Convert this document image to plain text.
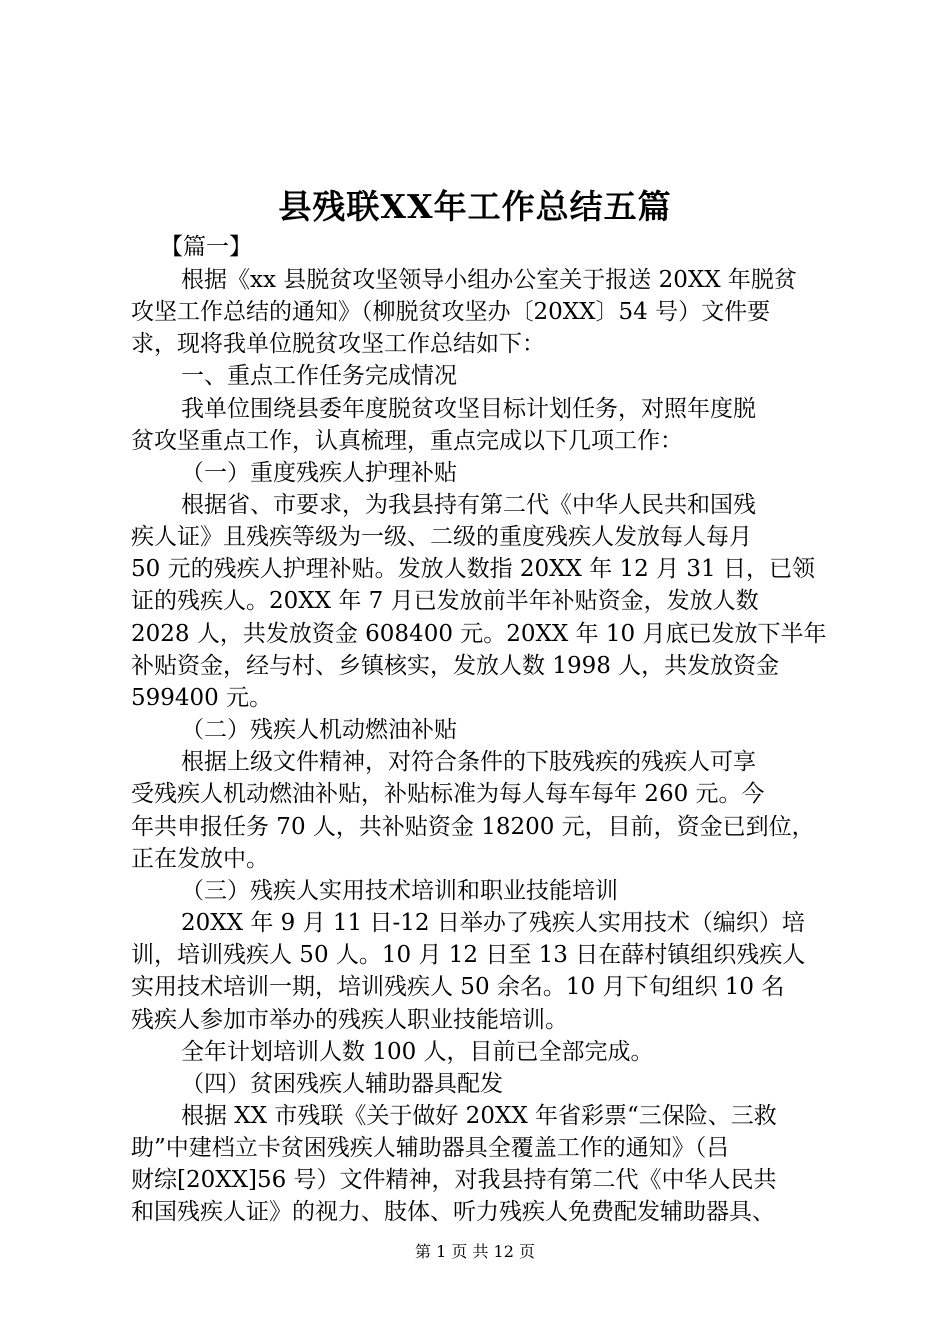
县残联XX年工作总结五篇
【篇一】
根据《xx 县脱贫攻坚领导小组办公室关于报送 20XX 年脱贫
攻坚工作总结的通知》（柳脱贫攻坚办〔20XX〕54 号）文件要
求，现将我单位脱贫攻坚工作总结如下：
一、重点工作任务完成情况
我单位围绕县委年度脱贫攻坚目标计划任务，对照年度脱
贫攻坚重点工作，认真梳理，重点完成以下几项工作：
（一）重度残疾人护理补贴
根据省、市要求，为我县持有第二代《中华人民共和国残
疾人证》且残疾等级为一级、二级的重度残疾人发放每人每月
50 元的残疾人护理补贴。发放人数指 20XX 年 12 月 31 日，已领
证的残疾人。20XX 年 7 月已发放前半年补贴资金，发放人数
2028 人，共发放资金 608400 元。20XX 年 10 月底已发放下半年
补贴资金，经与村、乡镇核实，发放人数 1998 人，共发放资金
599400 元。
（二）残疾人机动燃油补贴
根据上级文件精神，对符合条件的下肢残疾的残疾人可享
受残疾人机动燃油补贴，补贴标准为每人每车每年 260 元。今
年共申报任务 70 人，共补贴资金 18200 元，目前，资金已到位，
正在发放中。
（三）残疾人实用技术培训和职业技能培训
20XX 年 9 月 11 日-12 日举办了残疾人实用技术（编织）培
训，培训残疾人 50 人。10 月 12 日至 13 日在薛村镇组织残疾人
实用技术培训一期，培训残疾人 50 余名。10 月下旬组织 10 名
残疾人参加市举办的残疾人职业技能培训。
全年计划培训人数 100 人，目前已全部完成。
（四）贫困残疾人辅助器具配发
根据 XX 市残联《关于做好 20XX 年省彩票“三保险、三救
助”中建档立卡贫困残疾人辅助器具全覆盖工作的通知》（吕
财综[20XX]56 号）文件精神，对我县持有第二代《中华人民共
和国残疾人证》的视力、肢体、听力残疾人免费配发辅助器具、
第 1 页 共 12 页
